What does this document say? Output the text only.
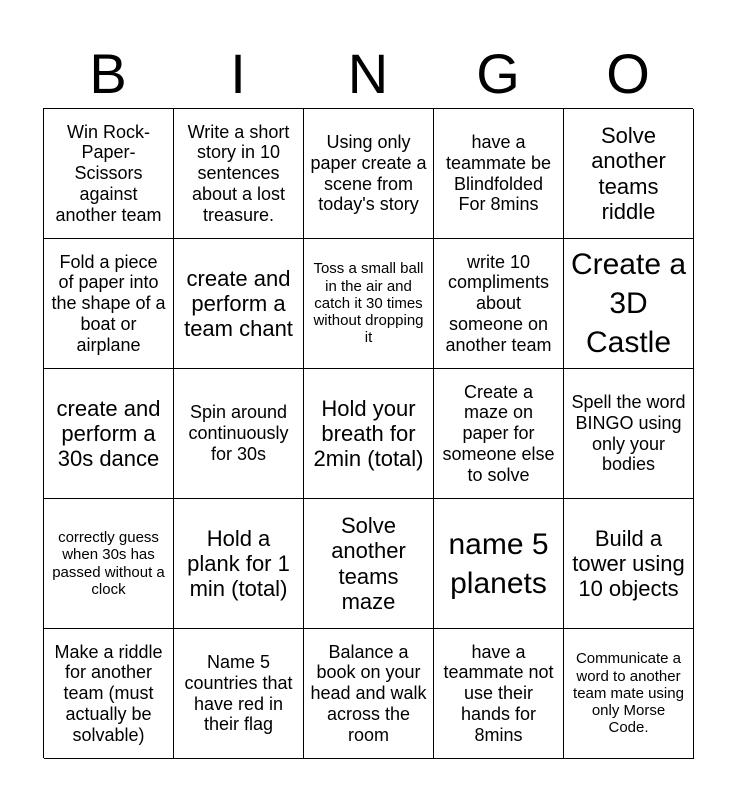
B	I	N	G	O
Win Rock-Paper-Scissors against another team
Write a short story in 10 sentences about a lost treasure.
Using only paper create a scene from today's story
have a teammate be Blindfolded For 8mins
Solve another teams riddle
Fold a piece of paper into the shape of a boat or airplane
create and perform a team chant
Toss a small ball in the air and catch it 30 times without dropping it
write 10 compliments about someone on another team
Create a 3D Castle
create and perform a 30s dance
Spin around continuously for 30s
Hold your breath for 2min (total)
Create a maze on paper for someone else to solve
Spell the word BINGO using only your bodies
correctly guess when 30s has passed without a clock
Hold a plank for 1 min (total)
Solve another teams maze
name 5 planets
Build a tower using 10 objects
Make a riddle for another team (must actually be solvable)
Name 5 countries that have red in their flag
Balance a book on your head and walk across the room
have a teammate not use their hands for 8mins
Communicate a word to another team mate using only Morse Code.
